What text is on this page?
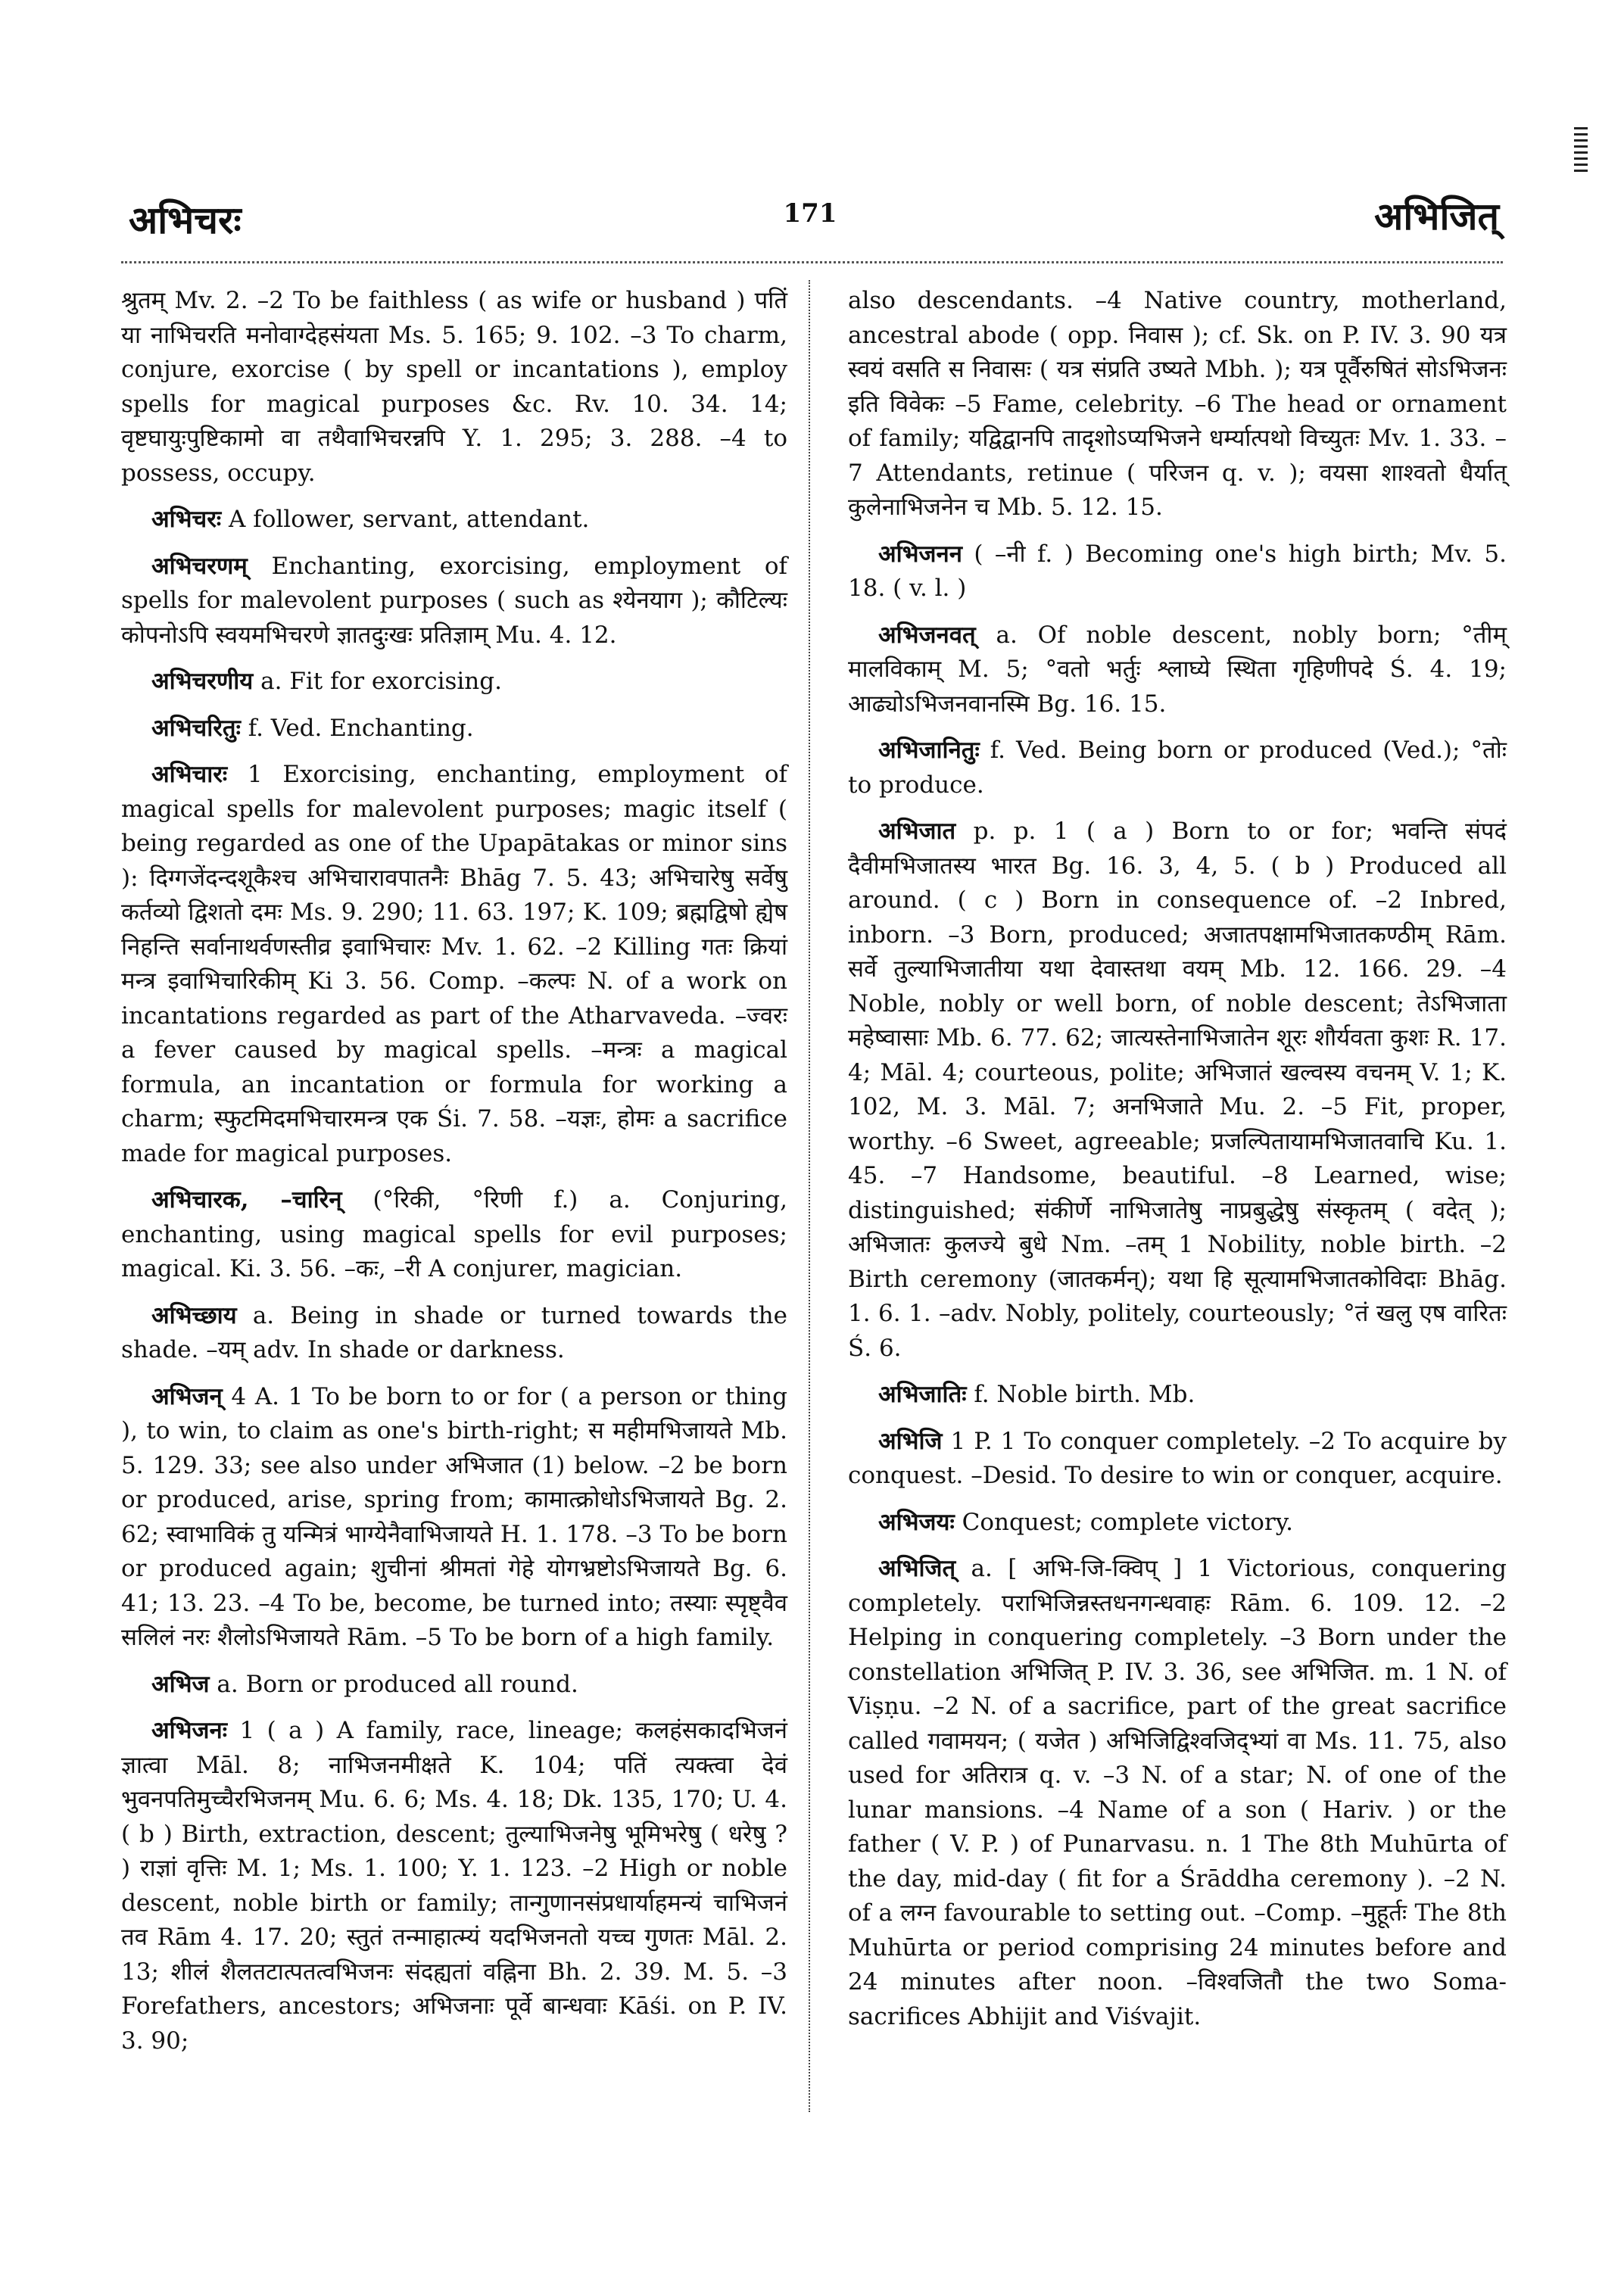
अभिचरः	171	अभिजित्

श्रुतम् Mv. 2. –2 To be faithless ( as wife or husband ) पतिं या नाभिचरति मनोवाग्देहसंयता Ms. 5. 165; 9. 102. –3 To charm, conjure, exorcise ( by spell or incantations ), employ spells for magical purposes &c. Rv. 10. 34. 14; वृष्टघायुःपुष्टिकामो वा तथैवाभिचरन्नपि Y. 1. 295; 3. 288. –4 to possess, occupy.

अभिचरः A follower, servant, attendant.

अभिचरणम् Enchanting, exorcising, employment of spells for malevolent purposes ( such as श्येनयाग ); कौटिल्यः कोपनोऽपि स्वयमभिचरणे ज्ञातदुःखः प्रतिज्ञाम् Mu. 4. 12.

अभिचरणीय a. Fit for exorcising.

अभिचरितुः f. Ved. Enchanting.

अभिचारः 1 Exorcising, enchanting, employment of magical spells for malevolent purposes; magic itself ( being regarded as one of the Upapātakas or minor sins ): दिग्गजेंदन्दशूकैश्च अभिचारावपातनैः Bhāg 7. 5. 43; अभिचारेषु सर्वेषु कर्तव्यो द्विशतो दमः Ms. 9. 290; 11. 63. 197; K. 109; ब्रह्मद्विषो ह्येष निहन्ति सर्वानाथर्वणस्तीव्र इवाभिचारः Mv. 1. 62. –2 Killing गतः क्रियां मन्त्र इवाभिचारिकीम् Ki 3. 56. Comp. –कल्पः N. of a work on incantations regarded as part of the Atharvaveda. –ज्वरः a fever caused by magical spells. –मन्त्रः a magical formula, an incantation or formula for working a charm; स्फुटमिदमभिचारमन्त्र एक Śi. 7. 58. –यज्ञः, होमः a sacrifice made for magical purposes.

अभिचारक, –चारिन् (°रिकी, °रिणी f.) a. Conjuring, enchanting, using magical spells for evil purposes; magical. Ki. 3. 56. –कः, –री A conjurer, magician.

अभिच्छाय a. Being in shade or turned towards the shade. –यम् adv. In shade or darkness.

अभिजन् 4 A. 1 To be born to or for ( a person or thing ), to win, to claim as one's birth-right; स महीमभिजायते Mb. 5. 129. 33; see also under अभिजात (1) below. –2 be born or produced, arise, spring from; कामात्क्रोधोऽभिजायते Bg. 2. 62; स्वाभाविकं तु यन्मित्रं भाग्येनैवाभिजायते H. 1. 178. –3 To be born or produced again; शुचीनां श्रीमतां गेहे योगभ्रष्टोऽभिजायते Bg. 6. 41; 13. 23. –4 To be, become, be turned into; तस्याः स्पृष्ट्वैव सलिलं नरः शैलोऽभिजायते Rām. –5 To be born of a high family.

अभिज a. Born or produced all round.

अभिजनः 1 ( a ) A family, race, lineage; कलहंसकादभिजनं ज्ञात्वा Māl. 8; नाभिजनमीक्षते K. 104; पतिं त्यक्त्वा देवं भुवनपतिमुच्चैरभिजनम् Mu. 6. 6; Ms. 4. 18; Dk. 135, 170; U. 4. ( b ) Birth, extraction, descent; तुल्याभिजनेषु भूमिभरेषु ( धरेषु ? ) राज्ञां वृत्तिः M. 1; Ms. 1. 100; Y. 1. 123. –2 High or noble descent, noble birth or family; तान्गुणानसंप्रधार्याहमन्यं चाभिजनं तव Rām 4. 17. 20; स्तुतं तन्माहात्म्यं यदभिजनतो यच्च गुणतः Māl. 2. 13; शीलं शैलतटात्पतत्वभिजनः संदह्यतां वह्निना Bh. 2. 39. M. 5. –3 Forefathers, ancestors; अभिजनाः पूर्वे बान्धवाः Kāśi. on P. IV. 3. 90;

also descendants. –4 Native country, motherland, ancestral abode ( opp. निवास ); cf. Sk. on P. IV. 3. 90 यत्र स्वयं वसति स निवासः ( यत्र संप्रति उष्यते Mbh. ); यत्र पूर्वैरुषितं सोऽभिजनः इति विवेकः –5 Fame, celebrity. –6 The head or ornament of family; यद्विद्वानपि तादृशोऽप्यभिजने धर्म्यात्पथो विच्युतः Mv. 1. 33. –7 Attendants, retinue ( परिजन q. v. ); वयसा शाश्वतो धैर्यात् कुलेनाभिजनेन च Mb. 5. 12. 15.

अभिजनन ( –नी f. ) Becoming one's high birth; Mv. 5. 18. ( v. l. )

अभिजनवत् a. Of noble descent, nobly born; °तीम् मालविकाम् M. 5; °वतो भर्तुः श्लाघ्ये स्थिता गृहिणीपदे Ś. 4. 19; आढ्योऽभिजनवानस्मि Bg. 16. 15.

अभिजानितुः f. Ved. Being born or produced (Ved.); °तोः to produce.

अभिजात p. p. 1 ( a ) Born to or for; भवन्ति संपदं दैवीमभिजातस्य भारत Bg. 16. 3, 4, 5. ( b ) Produced all around. ( c ) Born in consequence of. –2 Inbred, inborn. –3 Born, produced; अजातपक्षामभिजातकण्ठीम् Rām. सर्वे तुल्याभिजातीया यथा देवास्तथा वयम् Mb. 12. 166. 29. –4 Noble, nobly or well born, of noble descent; तेऽभिजाता महेष्वासाः Mb. 6. 77. 62; जात्यस्तेनाभिजातेन शूरः शौर्यवता कुशः R. 17. 4; Māl. 4; courteous, polite; अभिजातं खल्वस्य वचनम् V. 1; K. 102, M. 3. Māl. 7; अनभिजाते Mu. 2. –5 Fit, proper, worthy. –6 Sweet, agreeable; प्रजल्पितायामभिजातवाचि Ku. 1. 45. –7 Handsome, beautiful. –8 Learned, wise; distinguished; संकीर्णे नाभिजातेषु नाप्रबुद्धेषु संस्कृतम् ( वदेत् ); अभिजातः कुलज्ये बुधे Nm. –तम् 1 Nobility, noble birth. –2 Birth ceremony (जातकर्मन्); यथा हि सूत्यामभिजातकोविदाः Bhāg. 1. 6. 1. –adv. Nobly, politely, courteously; °तं खलु एष वारितः Ś. 6.

अभिजातिः f. Noble birth. Mb.

अभिजि 1 P. 1 To conquer completely. –2 To acquire by conquest. –Desid. To desire to win or conquer, acquire.

अभिजयः Conquest; complete victory.

अभिजित् a. [ अभि-जि-क्विप् ] 1 Victorious, conquering completely. पराभिजिन्नस्तधनगन्धवाहः Rām. 6. 109. 12. –2 Helping in conquering completely. –3 Born under the constellation अभिजित् P. IV. 3. 36, see अभिजित. m. 1 N. of Viṣṇu. –2 N. of a sacrifice, part of the great sacrifice called गवामयन; ( यजेत ) अभिजिद्विश्वजिद्भ्यां वा Ms. 11. 75, also used for अतिरात्र q. v. –3 N. of a star; N. of one of the lunar mansions. –4 Name of a son ( Hariv. ) or the father ( V. P. ) of Punarvasu. n. 1 The 8th Muhūrta of the day, mid-day ( fit for a Śrāddha ceremony ). –2 N. of a लग्न favourable to setting out. –Comp. –मुहूर्तः The 8th Muhūrta or period comprising 24 minutes before and 24 minutes after noon. –विश्वजितौ the two Soma-sacrifices Abhijit and Viśvajit.
